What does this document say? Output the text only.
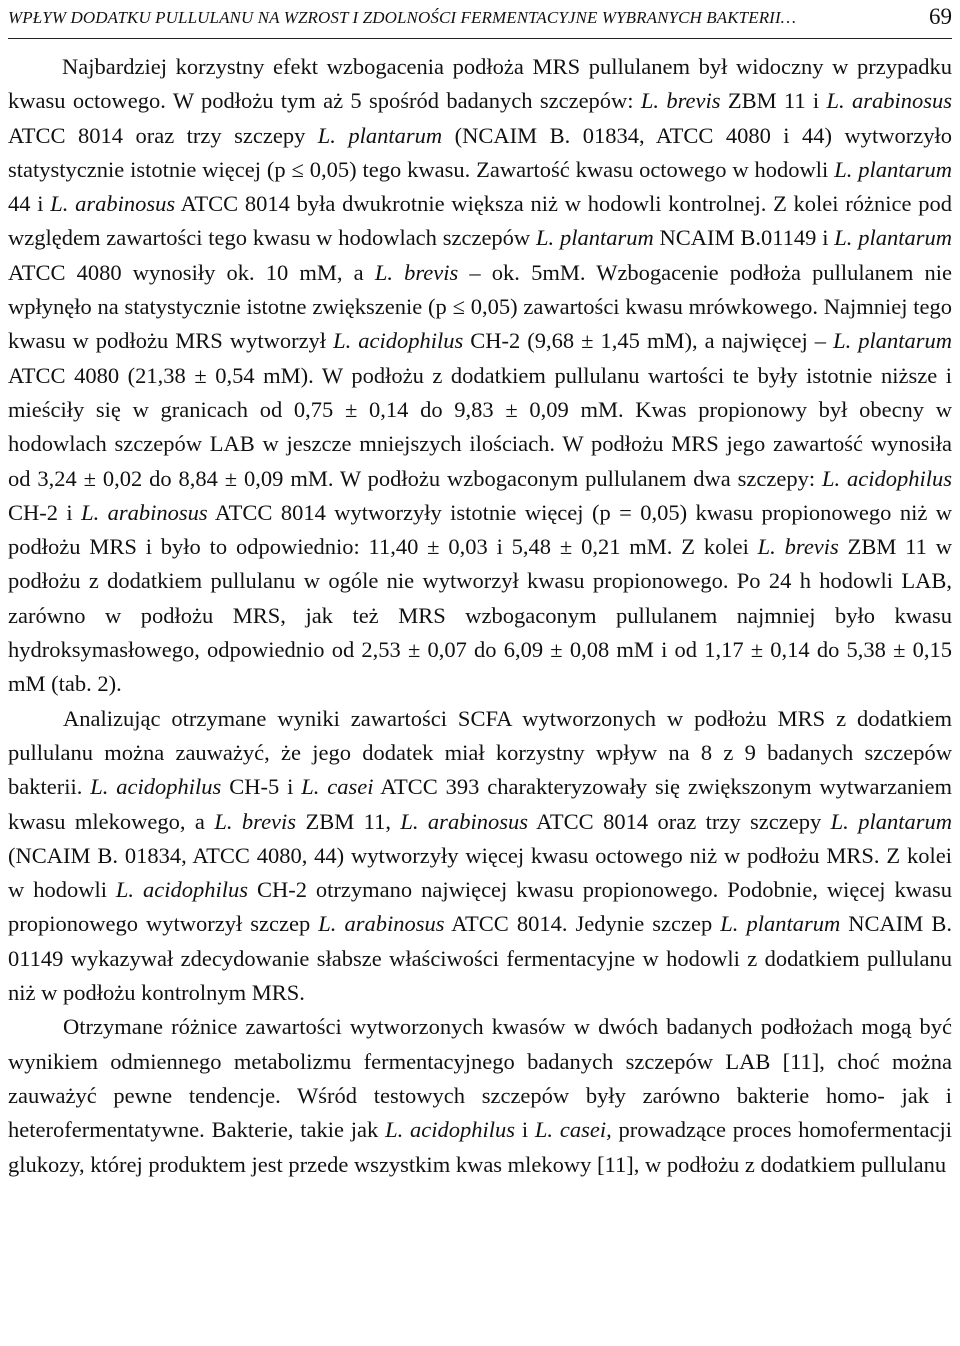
WPŁYW DODATKU PULLULANU NA WZROST I ZDOLNOŚCI FERMENTACYJNE WYBRANYCH BAKTERII…	69

Najbardziej korzystny efekt wzbogacenia podłoża MRS pullulanem był widoczny w przypadku kwasu octowego. W podłożu tym aż 5 spośród badanych szczepów: L. brevis ZBM 11 i L. arabinosus ATCC 8014 oraz trzy szczepy L. plantarum (NCAIM B. 01834, ATCC 4080 i 44) wytworzyło statystycznie istotnie więcej (p ≤ 0,05) tego kwasu. Zawartość kwasu octowego w hodowli L. plantarum 44 i L. arabinosus ATCC 8014 była dwukrotnie większa niż w hodowli kontrolnej. Z kolei różnice pod względem zawartości tego kwasu w hodowlach szczepów L. plantarum NCAIM B.01149 i L. plantarum ATCC 4080 wynosiły ok. 10 mM, a L. brevis – ok. 5mM. Wzbogacenie podłoża pullulanem nie wpłynęło na statystycznie istotne zwiększenie (p ≤ 0,05) zawartości kwasu mrówkowego. Najmniej tego kwasu w podłożu MRS wytworzył L. acidophilus CH-2 (9,68 ± 1,45 mM), a najwięcej – L. plantarum ATCC 4080 (21,38 ± 0,54 mM). W podłożu z dodatkiem pullulanu wartości te były istotnie niższe i mieściły się w granicach od 0,75 ± 0,14 do 9,83 ± 0,09 mM. Kwas propionowy był obecny w hodowlach szczepów LAB w jeszcze mniejszych ilościach. W podłożu MRS jego zawartość wynosiła od 3,24 ± 0,02 do 8,84 ± 0,09 mM. W podłożu wzbogaconym pullulanem dwa szczepy: L. acidophilus CH-2 i L. arabinosus ATCC 8014 wytworzyły istotnie więcej (p = 0,05) kwasu propionowego niż w podłożu MRS i było to odpowiednio: 11,40 ± 0,03 i 5,48 ± 0,21 mM. Z kolei L. brevis ZBM 11 w podłożu z dodatkiem pullulanu w ogóle nie wytworzył kwasu propionowego. Po 24 h hodowli LAB, zarówno w podłożu MRS, jak też MRS wzbogaconym pullulanem najmniej było kwasu hydroksymasłowego, odpowiednio od 2,53 ± 0,07 do 6,09 ± 0,08 mM i od 1,17 ± 0,14 do 5,38 ± 0,15 mM (tab. 2).

Analizując otrzymane wyniki zawartości SCFA wytworzonych w podłożu MRS z dodatkiem pullulanu można zauważyć, że jego dodatek miał korzystny wpływ na 8 z 9 badanych szczepów bakterii. L. acidophilus CH-5 i L. casei ATCC 393 charakteryzowały się zwiększonym wytwarzaniem kwasu mlekowego, a L. brevis ZBM 11, L. arabinosus ATCC 8014 oraz trzy szczepy L. plantarum (NCAIM B. 01834, ATCC 4080, 44) wytworzyły więcej kwasu octowego niż w podłożu MRS. Z kolei w hodowli L. acidophilus CH-2 otrzymano najwięcej kwasu propionowego. Podobnie, więcej kwasu propionowego wytworzył szczep L. arabinosus ATCC 8014. Jedynie szczep L. plantarum NCAIM B. 01149 wykazywał zdecydowanie słabsze właściwości fermentacyjne w hodowli z dodatkiem pullulanu niż w podłożu kontrolnym MRS.

Otrzymane różnice zawartości wytworzonych kwasów w dwóch badanych podłożach mogą być wynikiem odmiennego metabolizmu fermentacyjnego badanych szczepów LAB [11], choć można zauważyć pewne tendencje. Wśród testowych szczepów były zarówno bakterie homo- jak i heterofermentatywne. Bakterie, takie jak L. acidophilus i L. casei, prowadzące proces homofermentacji glukozy, której produktem jest przede wszystkim kwas mlekowy [11], w podłożu z dodatkiem pullulanu
